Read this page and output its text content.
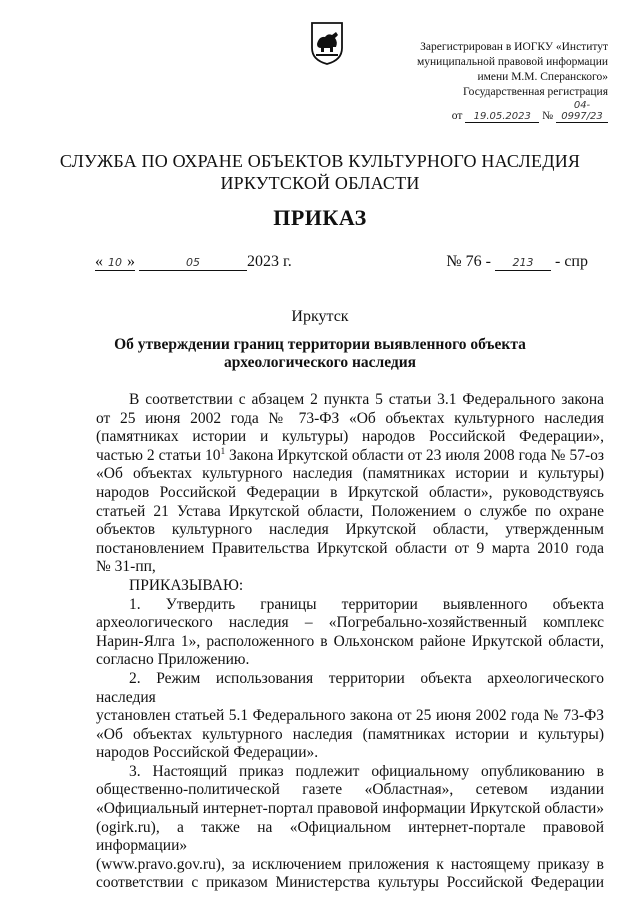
Зарегистрирован в ИОГКУ «Институт
муниципальной правовой информации
имени М.М. Сперанского»
Государственная регистрация
от 19.05.2023 № 04-0997/23
СЛУЖБА ПО ОХРАНЕ ОБЪЕКТОВ КУЛЬТУРНОГО НАСЛЕДИЯ
ИРКУТСКОЙ ОБЛАСТИ
ПРИКАЗ
« 10 »	05	2023 г.	№ 76 - 213 - спр
Иркутск
Об утверждении границ территории выявленного объекта
археологического наследия

В соответствии с абзацем 2 пункта 5 статьи 3.1 Федерального закона

от 25 июня 2002 года № 73-ФЗ «Об объектах культурного наследия

(памятниках истории и культуры) народов Российской Федерации»,

частью 2 статьи $10^1$ Закона Иркутской области от 23 июля 2008 года № 57-оз

«Об объектах культурного наследия (памятниках истории и культуры)

народов Российской Федерации в Иркутской области», руководствуясь

статьей 21 Устава Иркутской области, Положением о службе по охране

объектов культурного наследия Иркутской области, утвержденным

постановлением Правительства Иркутской области от 9 марта 2010 года

№ 31-пп,

ПРИКАЗЫВАЮ:

1. Утвердить границы территории выявленного объекта

археологического наследия – «Погребально-хозяйственный комплекс

Нарин-Ялга 1», расположенного в Ольхонском районе Иркутской области,

согласно Приложению.

2. Режим использования территории объекта археологического наследия

установлен статьей 5.1 Федерального закона от 25 июня 2002 года № 73-ФЗ

«Об объектах культурного наследия (памятниках истории и культуры)

народов Российской Федерации».

3. Настоящий приказ подлежит официальному опубликованию в

общественно-политической газете «Областная», сетевом издании

«Официальный интернет-портал правовой информации Иркутской области»

(ogirk.ru), а также на «Официальном интернет-портале правовой информации»

(www.pravo.gov.ru), за исключением приложения к настоящему приказу в

соответствии с приказом Министерства культуры Российской Федерации
